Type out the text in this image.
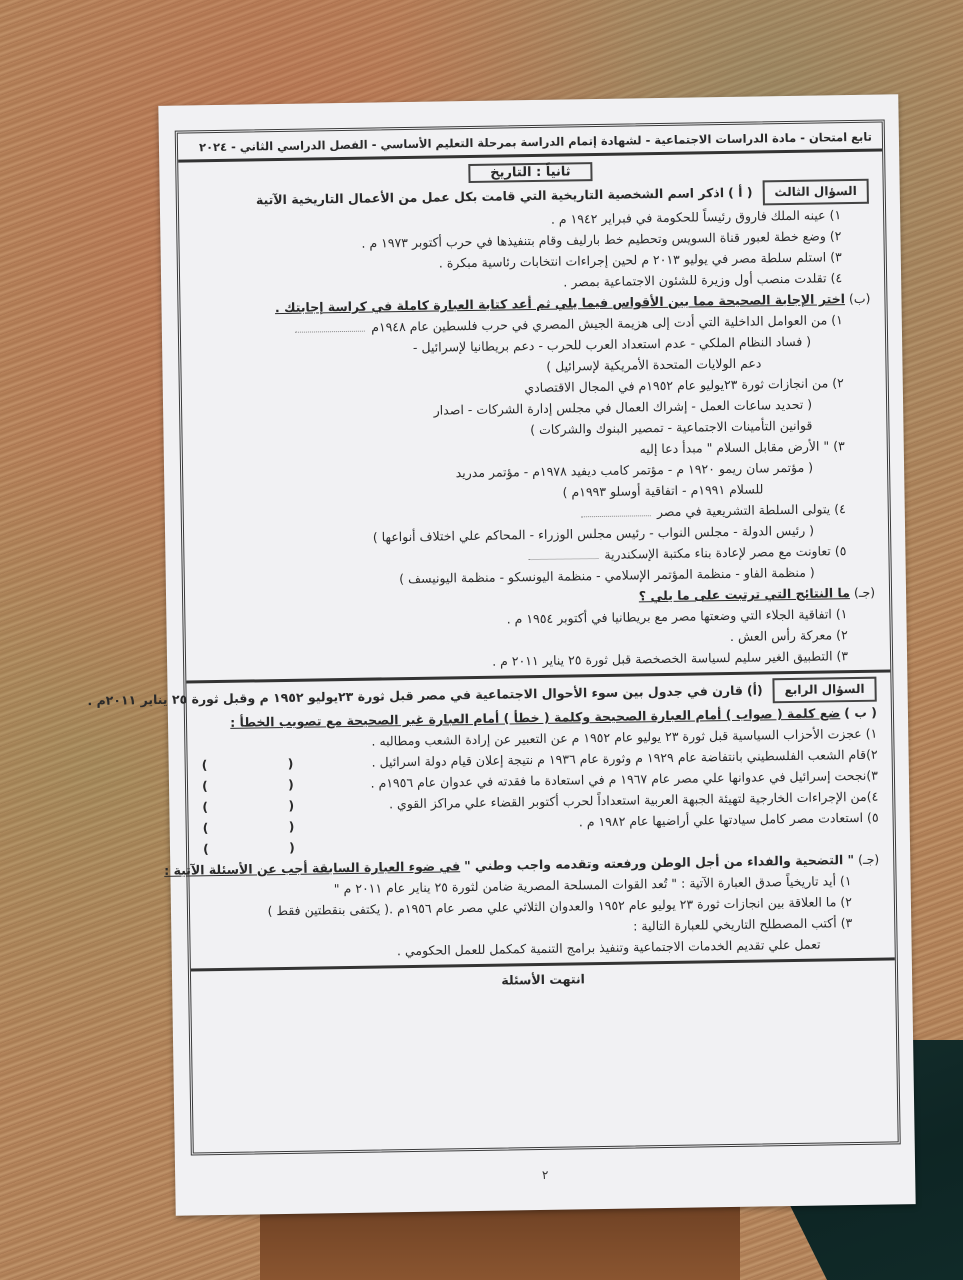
تابع امتحان - مادة الدراسات الاجتماعية - لشهادة إتمام الدراسة بمرحلة التعليم الأساسي - الفصل الدراسي الثاني - ٢٠٢٤
ثانياً : التاريخ
السؤال الثالث ( أ ) اذكر اسم الشخصية التاريخية التي قامت بكل عمل من الأعمال التاريخية الآتية
١) عينه الملك فاروق رئيساً للحكومة في فبراير ١٩٤٢ م .
٢) وضع خطة لعبور قناة السويس وتحطيم خط بارليف وقام بتنفيذها في حرب أكتوبر ١٩٧٣ م .
٣) استلم سلطة مصر في يوليو ٢٠١٣ م لحين إجراءات انتخابات رئاسية مبكرة .
٤) تقلدت منصب أول وزيرة للشئون الاجتماعية بمصر .
(ب) اختر الإجابة الصحيحة مما بين الأقواس فيما يلي ثم أعد كتابة العبارة كاملة في كراسة إجابتك .
١) من العوامل الداخلية التي أدت إلى هزيمة الجيش المصري في حرب فلسطين عام ١٩٤٨م
( فساد النظام الملكي - عدم استعداد العرب للحرب - دعم بريطانيا لإسرائيل -
دعم الولايات المتحدة الأمريكية لإسرائيل )
٢) من انجازات ثورة ٢٣يوليو عام ١٩٥٢م في المجال الاقتصادي
( تحديد ساعات العمل - إشراك العمال في مجلس إدارة الشركات - اصدار
قوانين التأمينات الاجتماعية - تمصير البنوك والشركات )
٣) " الأرض مقابل السلام " مبدأ دعا إليه
( مؤتمر سان ريمو ١٩٢٠ م - مؤتمر كامب ديفيد ١٩٧٨م - مؤتمر مدريد
للسلام ١٩٩١م - اتفاقية أوسلو ١٩٩٣م )
٤) يتولى السلطة التشريعية في مصر
( رئيس الدولة - مجلس النواب - رئيس مجلس الوزراء - المحاكم علي اختلاف أنواعها )
٥) تعاونت مع مصر لإعادة بناء مكتبة الإسكندرية
( منظمة الفاو - منظمة المؤتمر الإسلامي - منظمة اليونسكو - منظمة اليونيسف )
(جـ) ما النتائج التي ترتبت على ما يلي ؟
١) اتفاقية الجلاء التي وضعتها مصر مع بريطانيا في أكتوبر ١٩٥٤ م .
٢) معركة رأس العش .
٣) التطبيق الغير سليم لسياسة الخصخصة قبل ثورة ٢٥ يناير ٢٠١١ م .
السؤال الرابع (أ) قارن في جدول بين سوء الأحوال الاجتماعية في مصر قبل ثورة ٢٣يوليو ١٩٥٢ م وقبل ثورة ٢٥ يناير ٢٠١١م .
( ب ) ضع كلمة ( صواب ) أمام العبارة الصحيحة وكلمة ( خطأ ) أمام العبارة غير الصحيحة مع تصويب الخطأ :
١) عجزت الأحزاب السياسية قبل ثورة ٢٣ يوليو عام ١٩٥٢ م عن التعبير عن إرادة الشعب ومطالبه .
٢)قام الشعب الفلسطيني بانتفاضة عام ١٩٢٩ م وثورة عام ١٩٣٦ م نتيجة إعلان قيام دولة اسرائيل .
( )
٣)نجحت إسرائيل في عدوانها علي مصر عام ١٩٦٧ م في استعادة ما فقدته في عدوان عام ١٩٥٦م .
( )
٤)من الإجراءات الخارجية لتهيئة الجبهة العربية استعداداً لحرب أكتوبر القضاء علي مراكز القوي .
( )
٥) استعادت مصر كامل سيادتها علي أراضيها عام ١٩٨٢ م .
( )
( )
(جـ) " التضحية والفداء من أجل الوطن ورفعته وتقدمه واجب وطني " في ضوء العبارة السابقة أجب عن الأسئلة الآتية :
١) أيد تاريخياً صدق العبارة الآتية : " تُعد القوات المسلحة المصرية ضامن لثورة ٢٥ يناير عام ٢٠١١ م "
٢) ما العلاقة بين انجازات ثورة ٢٣ يوليو عام ١٩٥٢ والعدوان الثلاثي علي مصر عام ١٩٥٦م .( يكتفى بنقطتين فقط )
٣) أكتب المصطلح التاريخي للعبارة التالية :
تعمل علي تقديم الخدمات الاجتماعية وتنفيذ برامج التنمية كمكمل للعمل الحكومي .
انتهت الأسئلة
٢
